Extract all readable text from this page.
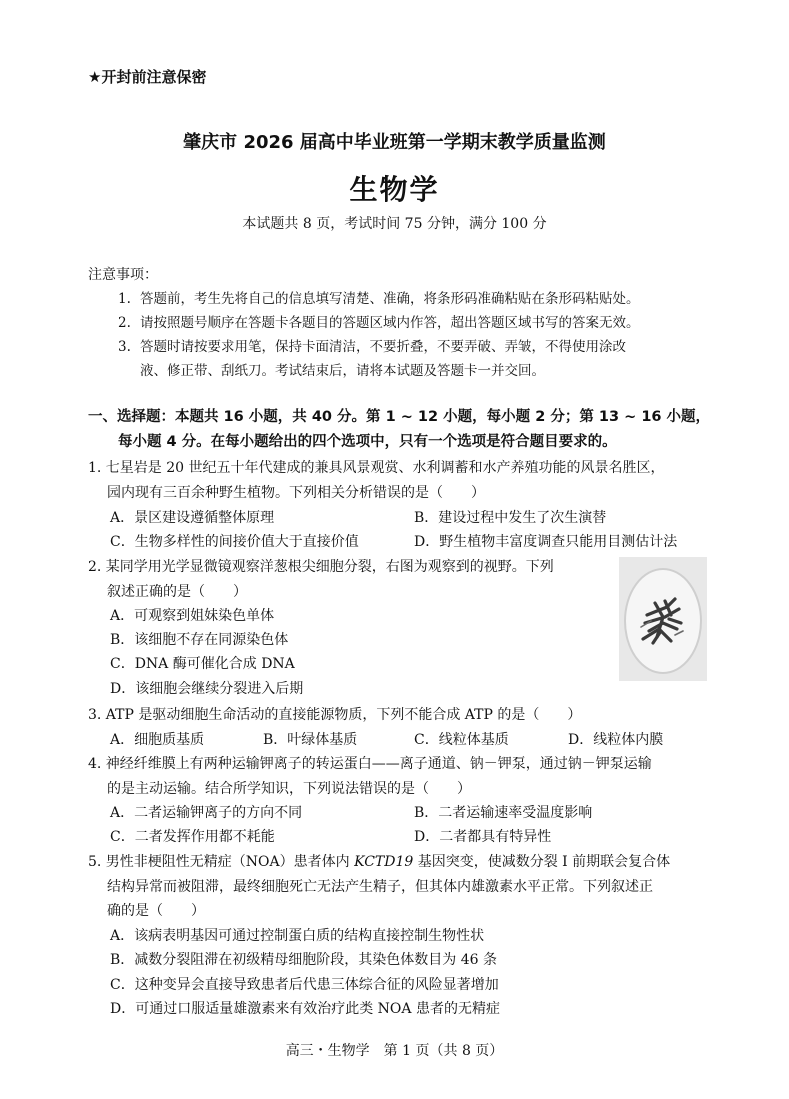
★开封前注意保密
肇庆市 2026 届高中毕业班第一学期末教学质量监测
生物学
本试题共 8 页，考试时间 75 分钟，满分 100 分
注意事项：
1. 答题前，考生先将自己的信息填写清楚、准确，将条形码准确粘贴在条形码粘贴处。
2. 请按照题号顺序在答题卡各题目的答题区域内作答，超出答题区域书写的答案无效。
3. 答题时请按要求用笔，保持卡面清洁，不要折叠，不要弄破、弄皱，不得使用涂改
液、修正带、刮纸刀。考试结束后，请将本试题及答题卡一并交回。
一、选择题：本题共 16 小题，共 40 分。第 1 ~ 12 小题，每小题 2 分；第 13 ~ 16 小题，
每小题 4 分。在每小题给出的四个选项中，只有一个选项是符合题目要求的。
1. 七星岩是 20 世纪五十年代建成的兼具风景观赏、水利调蓄和水产养殖功能的风景名胜区，
园内现有三百余种野生植物。下列相关分析错误的是（　　）
A．景区建设遵循整体原理	B．建设过程中发生了次生演替
C．生物多样性的间接价值大于直接价值	D．野生植物丰富度调查只能用目测估计法
2. 某同学用光学显微镜观察洋葱根尖细胞分裂，右图为观察到的视野。下列
叙述正确的是（　　）
A．可观察到姐妹染色单体
B．该细胞不存在同源染色体
C．DNA 酶可催化合成 DNA
D．该细胞会继续分裂进入后期
3. ATP 是驱动细胞生命活动的直接能源物质，下列不能合成 ATP 的是（　　）
A．细胞质基质	B．叶绿体基质	C．线粒体基质	D．线粒体内膜
4. 神经纤维膜上有两种运输钾离子的转运蛋白——离子通道、钠－钾泵，通过钠－钾泵运输
的是主动运输。结合所学知识，下列说法错误的是（　　）
A．二者运输钾离子的方向不同	B．二者运输速率受温度影响
C．二者发挥作用都不耗能	D．二者都具有特异性
5. 男性非梗阻性无精症（NOA）患者体内 KCTD19 基因突变，使减数分裂 Ⅰ 前期联会复合体
结构异常而被阻滞，最终细胞死亡无法产生精子，但其体内雄激素水平正常。下列叙述正
确的是（　　）
A．该病表明基因可通过控制蛋白质的结构直接控制生物性状
B．减数分裂阻滞在初级精母细胞阶段，其染色体数目为 46 条
C．这种变异会直接导致患者后代患三体综合征的风险显著增加
D．可通过口服适量雄激素来有效治疗此类 NOA 患者的无精症
高三・生物学　第 1 页（共 8 页）
